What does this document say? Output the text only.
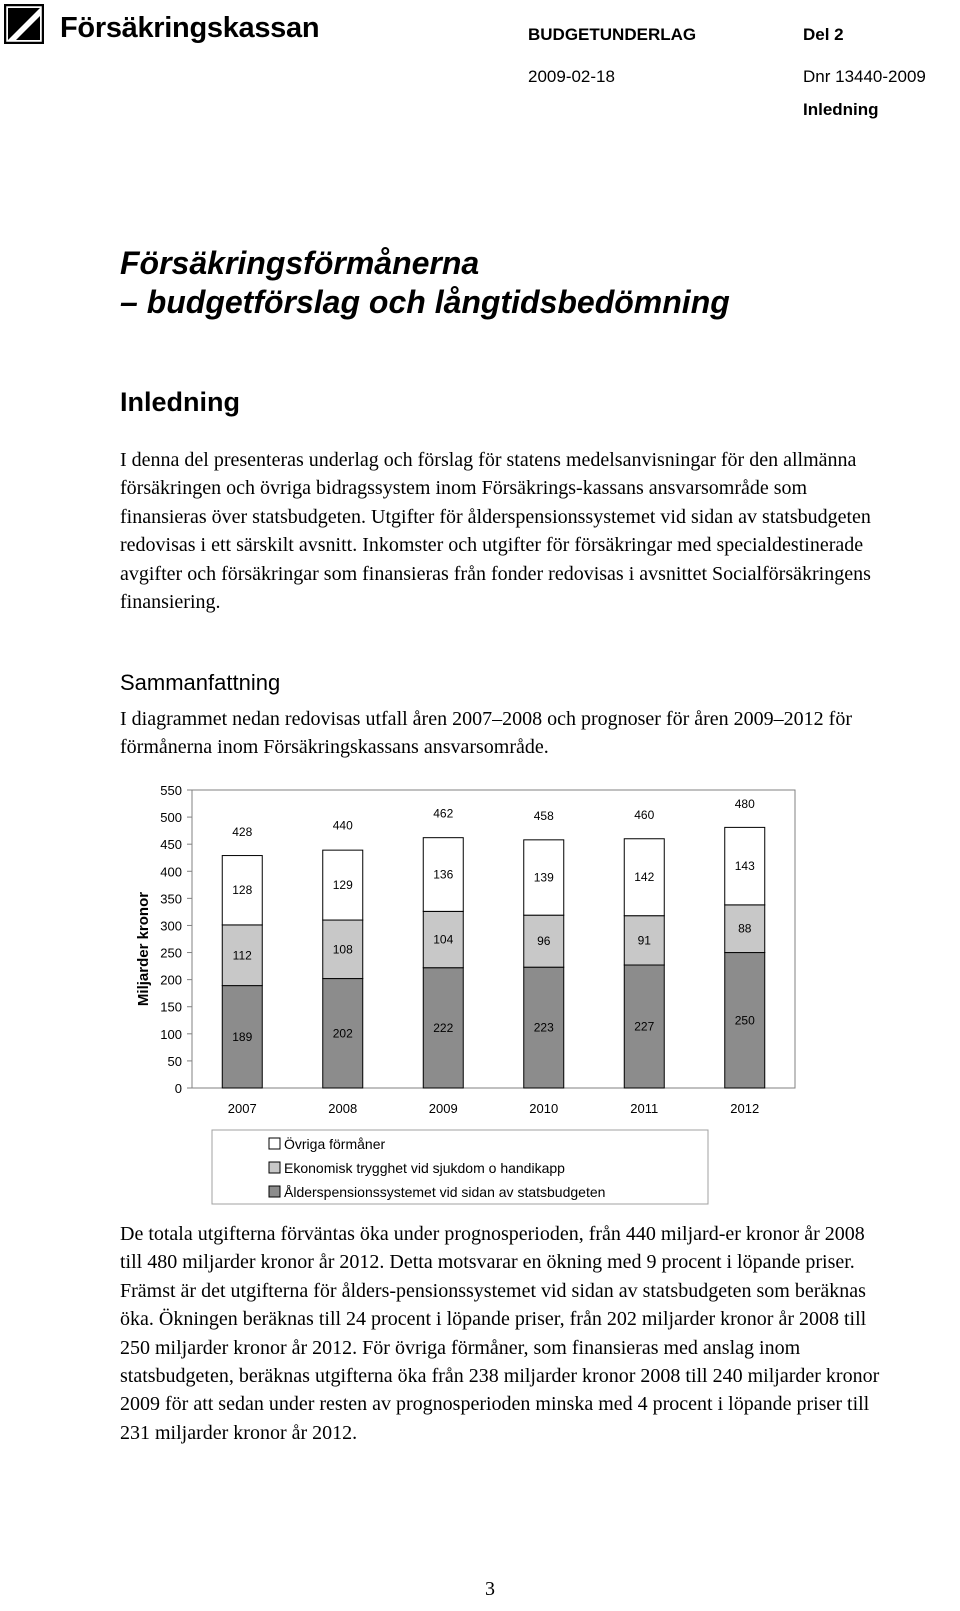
Försäkringskassan	BUDGETUNDERLAG	Del 2
2009-02-18	Dnr 13440-2009
Inledning
Försäkringsförmånerna
– budgetförslag och långtidsbedömning
Inledning
I denna del presenteras underlag och förslag för statens medelsanvisningar för den allmänna försäkringen och övriga bidragssystem inom Försäkrings-kassans ansvarsområde som finansieras över statsbudgeten. Utgifter för ålderspensionssystemet vid sidan av statsbudgeten redovisas i ett särskilt avsnitt. Inkomster och utgifter för försäkringar med specialdestinerade avgifter och försäkringar som finansieras från fonder redovisas i avsnittet Socialförsäkringens finansiering.
Sammanfattning
I diagrammet nedan redovisas utfall åren 2007–2008 och prognoser för åren 2009–2012 för förmånerna inom Försäkringskassans ansvarsområde.
0
50
100
150
200
250
300
350
400
450
500
550
Miljarder kronor
189
112
128
428
2007
202
108
129
440
2008
222
104
136
462
2009
223
96
139
458
2010
227
91
142
460
2011
250
88
143
480
2012
Övriga förmåner
Ekonomisk trygghet vid sjukdom o handikapp
Ålderspensionssystemet vid sidan av statsbudgeten
De totala utgifterna förväntas öka under prognosperioden, från 440 miljard-er kronor år 2008 till 480 miljarder kronor år 2012. Detta motsvarar en ökning med 9 procent i löpande priser. Främst är det utgifterna för ålders-pensionssystemet vid sidan av statsbudgeten som beräknas öka. Ökningen beräknas till 24 procent i löpande priser, från 202 miljarder kronor år 2008 till 250 miljarder kronor år 2012. För övriga förmåner, som finansieras med anslag inom statsbudgeten, beräknas utgifterna öka från 238 miljarder kronor 2008 till 240 miljarder kronor 2009 för att sedan under resten av prognosperioden minska med 4 procent i löpande priser till 231 miljarder kronor år 2012.
3
